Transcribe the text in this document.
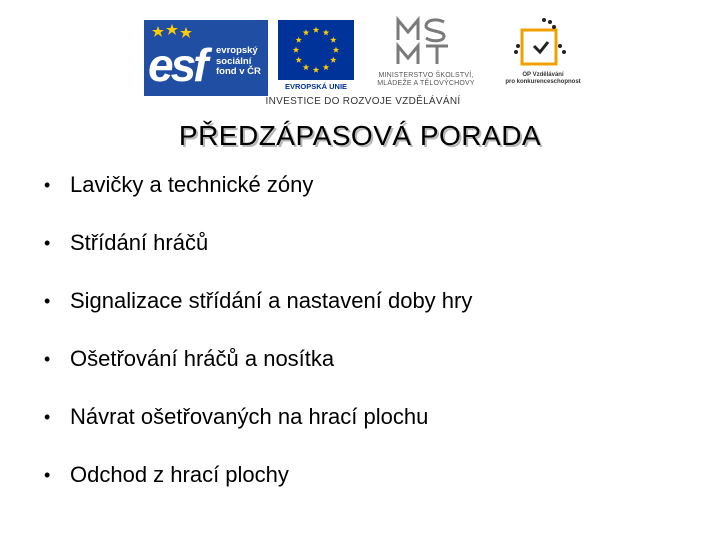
esf evropský
sociální
fond v ČR
EVROPSKÁ UNIE
MINISTERSTVO ŠKOLSTVÍ,
MLÁDEŽE A TĚLOVÝCHOVY
OP Vzdělávání
pro konkurenceschopnost
INVESTICE DO ROZVOJE VZDĚLÁVÁNÍ
PŘEDZÁPASOVÁ PORADA
• Lavičky a technické zóny
• Střídání hráčů
• Signalizace střídání a nastavení doby hry
• Ošetřování hráčů a nosítka
• Návrat ošetřovaných na hrací plochu
• Odchod z hrací plochy
